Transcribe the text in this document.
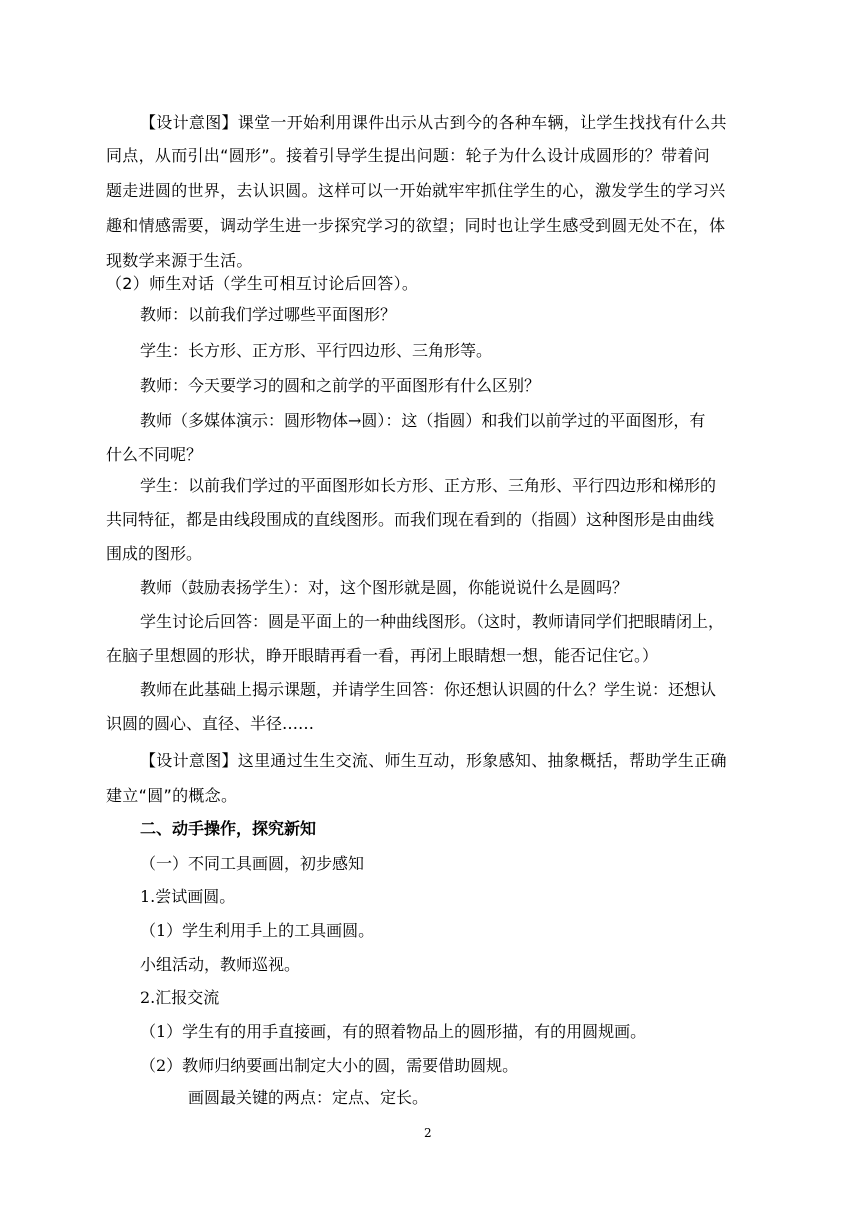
【设计意图】课堂一开始利用课件出示从古到今的各种车辆，让学生找找有什么共
同点，从而引出“圆形”。接着引导学生提出问题：轮子为什么设计成圆形的？带着问
题走进圆的世界，去认识圆。这样可以一开始就牢牢抓住学生的心，激发学生的学习兴
趣和情感需要，调动学生进一步探究学习的欲望；同时也让学生感受到圆无处不在，体
现数学来源于生活。
（2）师生对话（学生可相互讨论后回答）。
教师：以前我们学过哪些平面图形？
学生：长方形、正方形、平行四边形、三角形等。
教师：今天要学习的圆和之前学的平面图形有什么区别？
教师（多媒体演示：圆形物体→圆）：这（指圆）和我们以前学过的平面图形，有
什么不同呢？
学生：以前我们学过的平面图形如长方形、正方形、三角形、平行四边形和梯形的
共同特征，都是由线段围成的直线图形。而我们现在看到的（指圆）这种图形是由曲线
围成的图形。
教师（鼓励表扬学生）：对，这个图形就是圆，你能说说什么是圆吗？
学生讨论后回答：圆是平面上的一种曲线图形。（这时，教师请同学们把眼睛闭上，
在脑子里想圆的形状，睁开眼睛再看一看，再闭上眼睛想一想，能否记住它。）
教师在此基础上揭示课题，并请学生回答：你还想认识圆的什么？学生说：还想认
识圆的圆心、直径、半径……
【设计意图】这里通过生生交流、师生互动，形象感知、抽象概括，帮助学生正确
建立“圆”的概念。
二、动手操作，探究新知
（一）不同工具画圆，初步感知
1.尝试画圆。
（1）学生利用手上的工具画圆。
小组活动，教师巡视。
2.汇报交流
（1）学生有的用手直接画，有的照着物品上的圆形描，有的用圆规画。
（2）教师归纳要画出制定大小的圆，需要借助圆规。
画圆最关键的两点：定点、定长。
2
